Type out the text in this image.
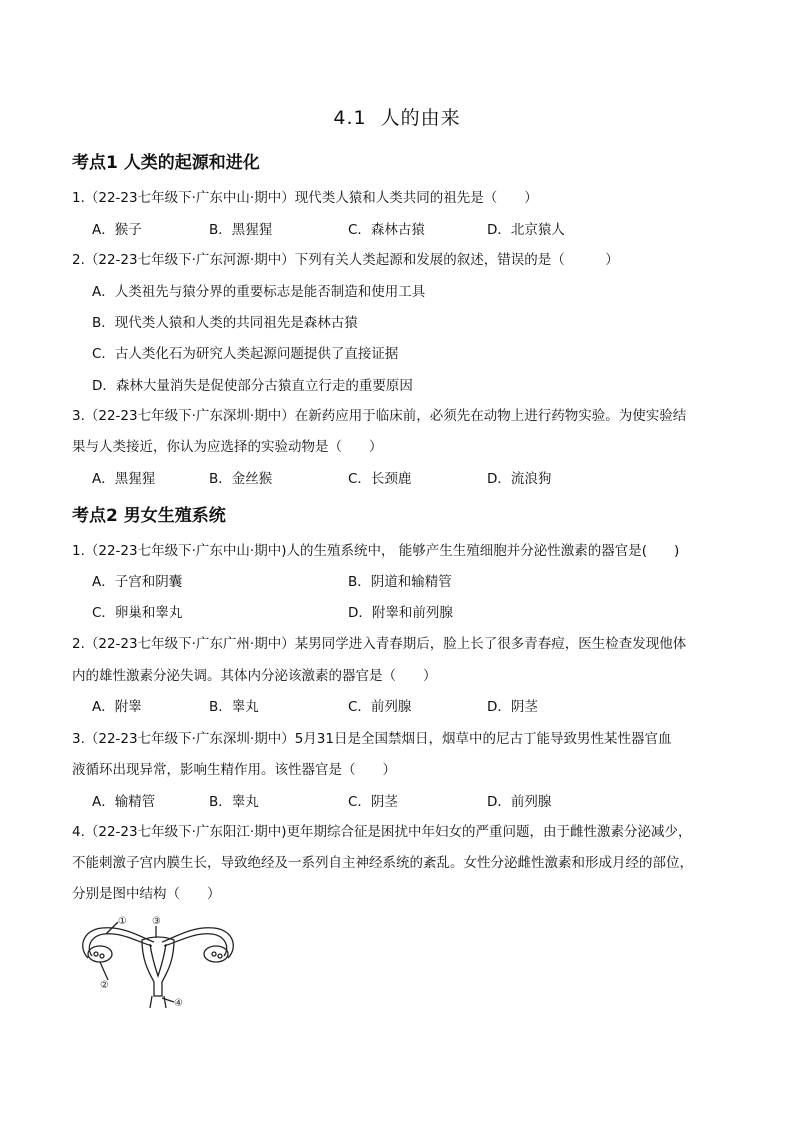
4.1 人的由来
考点1 人类的起源和进化
1.（22-23七年级下·广东中山·期中）现代类人猿和人类共同的祖先是（　　）
A．猴子	B．黑猩猩	C．森林古猿	D．北京猿人
2.（22-23七年级下·广东河源·期中）下列有关人类起源和发展的叙述，错误的是（　　　）
A．人类祖先与猿分界的重要标志是能否制造和使用工具
B．现代类人猿和人类的共同祖先是森林古猿
C．古人类化石为研究人类起源问题提供了直接证据
D．森林大量消失是促使部分古猿直立行走的重要原因
3.（22-23七年级下·广东深圳·期中）在新药应用于临床前，必须先在动物上进行药物实验。为使实验结
果与人类接近，你认为应选择的实验动物是（　　）
A．黑猩猩	B．金丝猴	C．长颈鹿	D．流浪狗
考点2 男女生殖系统
1.（22-23七年级下·广东中山·期中)人的生殖系统中， 能够产生生殖细胞并分泌性激素的器官是(　　)
A．子宫和阴囊	B．阴道和输精管
C．卵巢和睾丸	D．附睾和前列腺
2.（22-23七年级下·广东广州·期中）某男同学进入青春期后，脸上长了很多青春痘，医生检查发现他体
内的雄性激素分泌失调。其体内分泌该激素的器官是（　　）
A．附睾	B．睾丸	C．前列腺	D．阴茎
3.（22-23七年级下·广东深圳·期中）5月31日是全国禁烟日，烟草中的尼古丁能导致男性某性器官血
液循环出现异常，影响生精作用。该性器官是（　　）
A．输精管	B．睾丸	C．阴茎	D．前列腺
4.（22-23七年级下·广东阳江·期中)更年期综合征是困扰中年妇女的严重问题，由于雌性激素分泌减少，
不能刺激子宫内膜生长，导致绝经及一系列自主神经系统的紊乱。女性分泌雌性激素和形成月经的部位，
分别是图中结构（　　）
①	③
②
④
